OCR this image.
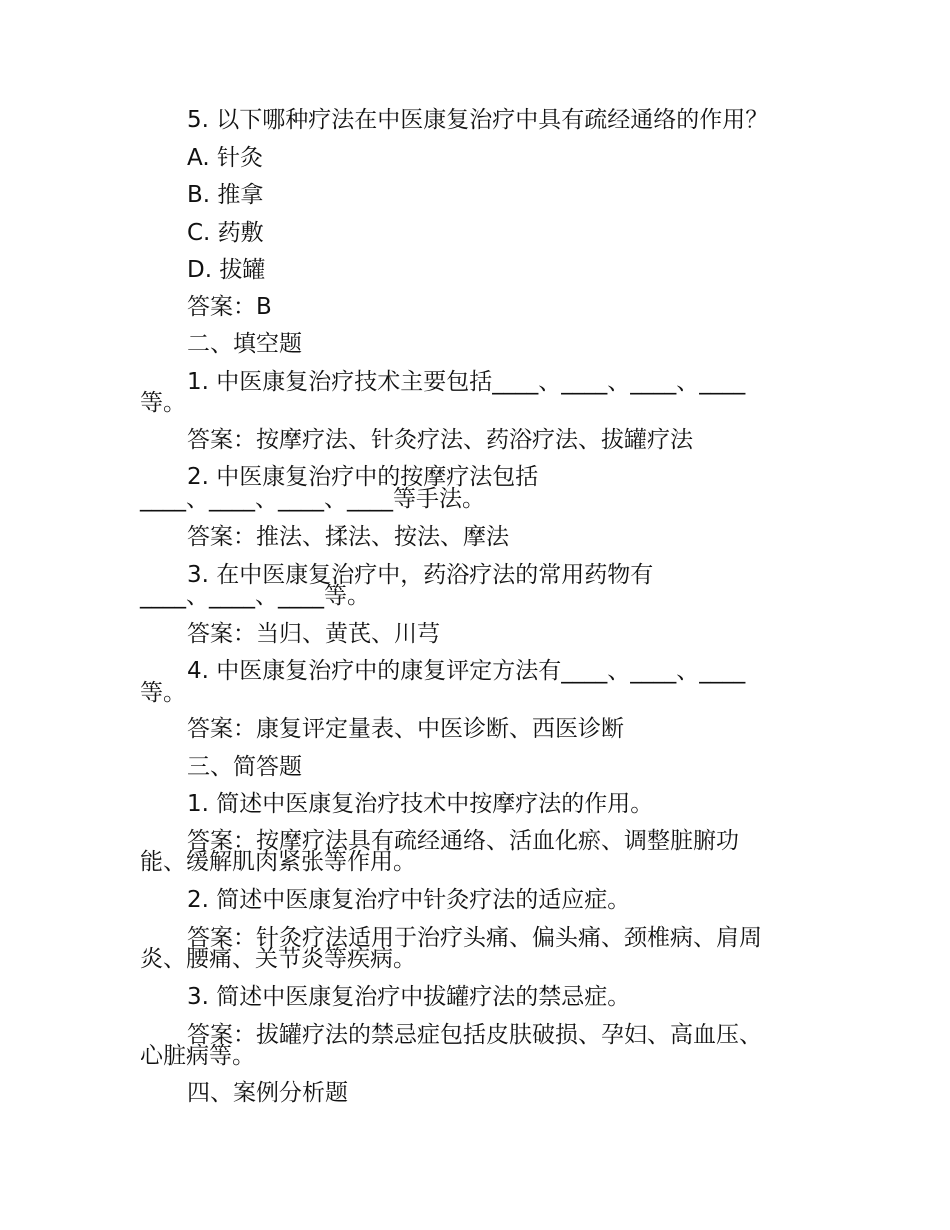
5. 以下哪种疗法在中医康复治疗中具有疏经通络的作用？
A. 针灸
B. 推拿
C. 药敷
D. 拔罐
答案：B
二、填空题
1. 中医康复治疗技术主要包括____、____、____、____
等。
答案：按摩疗法、针灸疗法、药浴疗法、拔罐疗法
2. 中医康复治疗中的按摩疗法包括
____、____、____、____等手法。
答案：推法、揉法、按法、摩法
3. 在中医康复治疗中，药浴疗法的常用药物有
____、____、____等。
答案：当归、黄芪、川芎
4. 中医康复治疗中的康复评定方法有____、____、____
等。
答案：康复评定量表、中医诊断、西医诊断
三、简答题
1. 简述中医康复治疗技术中按摩疗法的作用。
答案：按摩疗法具有疏经通络、活血化瘀、调整脏腑功
能、缓解肌肉紧张等作用。
2. 简述中医康复治疗中针灸疗法的适应症。
答案：针灸疗法适用于治疗头痛、偏头痛、颈椎病、肩周
炎、腰痛、关节炎等疾病。
3. 简述中医康复治疗中拔罐疗法的禁忌症。
答案：拔罐疗法的禁忌症包括皮肤破损、孕妇、高血压、
心脏病等。
四、案例分析题
